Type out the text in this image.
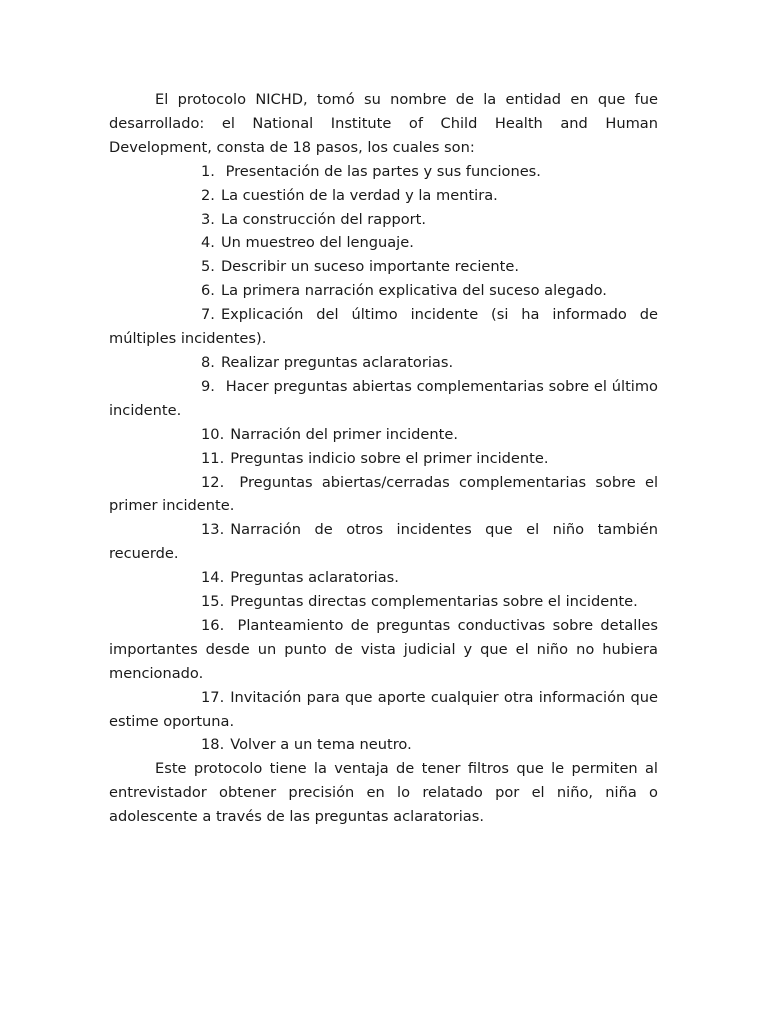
El protocolo NICHD, tomó su nombre de la entidad en que fue desarrollado: el National Institute of Child Health and Human Development, consta de 18 pasos, los cuales son:

1. Presentación de las partes y sus funciones.
2. La cuestión de la verdad y la mentira.
3. La construcción del rapport.
4. Un muestreo del lenguaje.
5. Describir un suceso importante reciente.
6. La primera narración explicativa del suceso alegado.
7. Explicación del último incidente (si ha informado de múltiples incidentes).
8. Realizar preguntas aclaratorias.
9. Hacer preguntas abiertas complementarias sobre el último incidente.
10. Narración del primer incidente.
11. Preguntas indicio sobre el primer incidente.
12. Preguntas abiertas/cerradas complementarias sobre el primer incidente.
13. Narración de otros incidentes que el niño también recuerde.
14. Preguntas aclaratorias.
15. Preguntas directas complementarias sobre el incidente.
16. Planteamiento de preguntas conductivas sobre detalles importantes desde un punto de vista judicial y que el niño no hubiera mencionado.
17. Invitación para que aporte cualquier otra información que estime oportuna.
18. Volver a un tema neutro.

Este protocolo tiene la ventaja de tener filtros que le permiten al entrevistador obtener precisión en lo relatado por el niño, niña o adolescente a través de las preguntas aclaratorias.
